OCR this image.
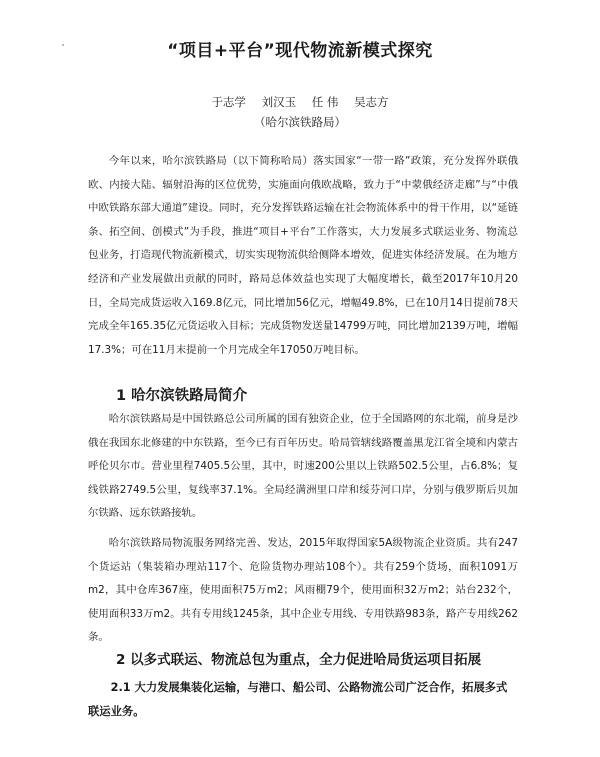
“项目+平台”现代物流新模式探究
于志学 刘汉玉 任 伟 吴志方
（哈尔滨铁路局）

今年以来，哈尔滨铁路局（以下简称哈局）落实国家“一带一路”政策，充分发挥外联俄欧、内接大陆、辐射沿海的区位优势，实施面向俄欧战略，致力于“中蒙俄经济走廊”与“中俄中欧铁路东部大通道”建设。同时，充分发挥铁路运输在社会物流体系中的骨干作用，以“延链条、拓空间、创模式”为手段，推进“项目+平台”工作落实，大力发展多式联运业务、物流总包业务，打造现代物流新模式，切实实现物流供给侧降本增效，促进实体经济发展。在为地方经济和产业发展做出贡献的同时，路局总体效益也实现了大幅度增长，截至2017年10月20日，全局完成货运收入169.8亿元，同比增加56亿元，增幅49.8%，已在10月14日提前78天完成全年165.35亿元货运收入目标；完成货物发送量14799万吨，同比增加2139万吨，增幅17.3%；可在11月末提前一个月完成全年17050万吨目标。

1 哈尔滨铁路局简介

哈尔滨铁路局是中国铁路总公司所属的国有独资企业，位于全国路网的东北端，前身是沙俄在我国东北修建的中东铁路，至今已有百年历史。哈局管辖线路覆盖黑龙江省全境和内蒙古呼伦贝尔市。营业里程7405.5公里，其中，时速200公里以上铁路502.5公里，占6.8%；复线铁路2749.5公里，复线率37.1%。全局经满洲里口岸和绥芬河口岸，分别与俄罗斯后贝加尔铁路、远东铁路接轨。

哈尔滨铁路局物流服务网络完善、发达，2015年取得国家5A级物流企业资质。共有247个货运站（集装箱办理站117个、危险货物办理站108个）。共有259个货场，面积1091万m2，其中仓库367座，使用面积75万m2；风雨棚79个，使用面积32万m2；站台232个，使用面积33万m2。共有专用线1245条，其中企业专用线、专用铁路983条，路产专用线262条。

2 以多式联运、物流总包为重点，全力促进哈局货运项目拓展
2.1 大力发展集装化运输，与港口、船公司、公路物流公司广泛合作，拓展多式联运业务。
